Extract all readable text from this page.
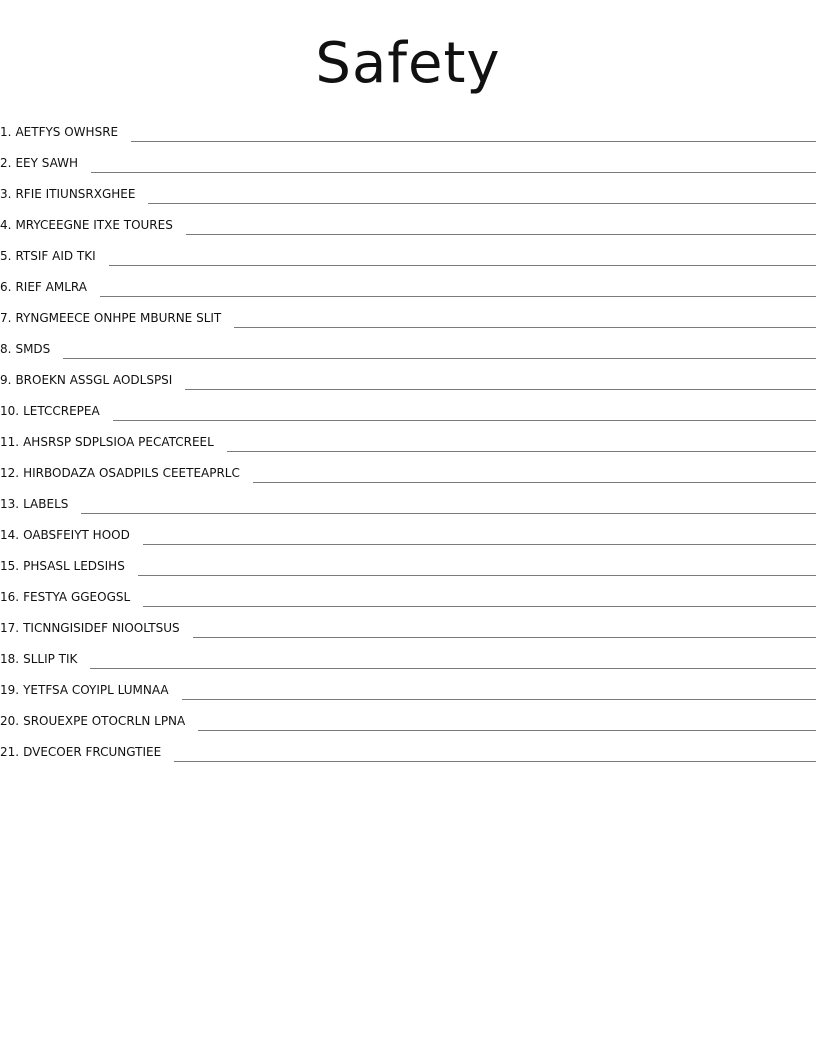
Safety
1. AETFYS OWHSRE
2. EEY SAWH
3. RFIE ITIUNSRXGHEE
4. MRYCEEGNE ITXE TOURES
5. RTSIF AID TKI
6. RIEF AMLRA
7. RYNGMEECE ONHPE MBURNE SLIT
8. SMDS
9. BROEKN ASSGL AODLSPSI
10. LETCCREPEA
11. AHSRSP SDPLSIOA PECATCREEL
12. HIRBODAZA OSADPILS CEETEAPRLC
13. LABELS
14. OABSFEIYT HOOD
15. PHSASL LEDSIHS
16. FESTYA GGEOGSL
17. TICNNGISIDEF NIOOLTSUS
18. SLLIP TIK
19. YETFSA COYIPL LUMNAA
20. SROUEXPE OTOCRLN LPNA
21. DVECOER FRCUNGTIEE
